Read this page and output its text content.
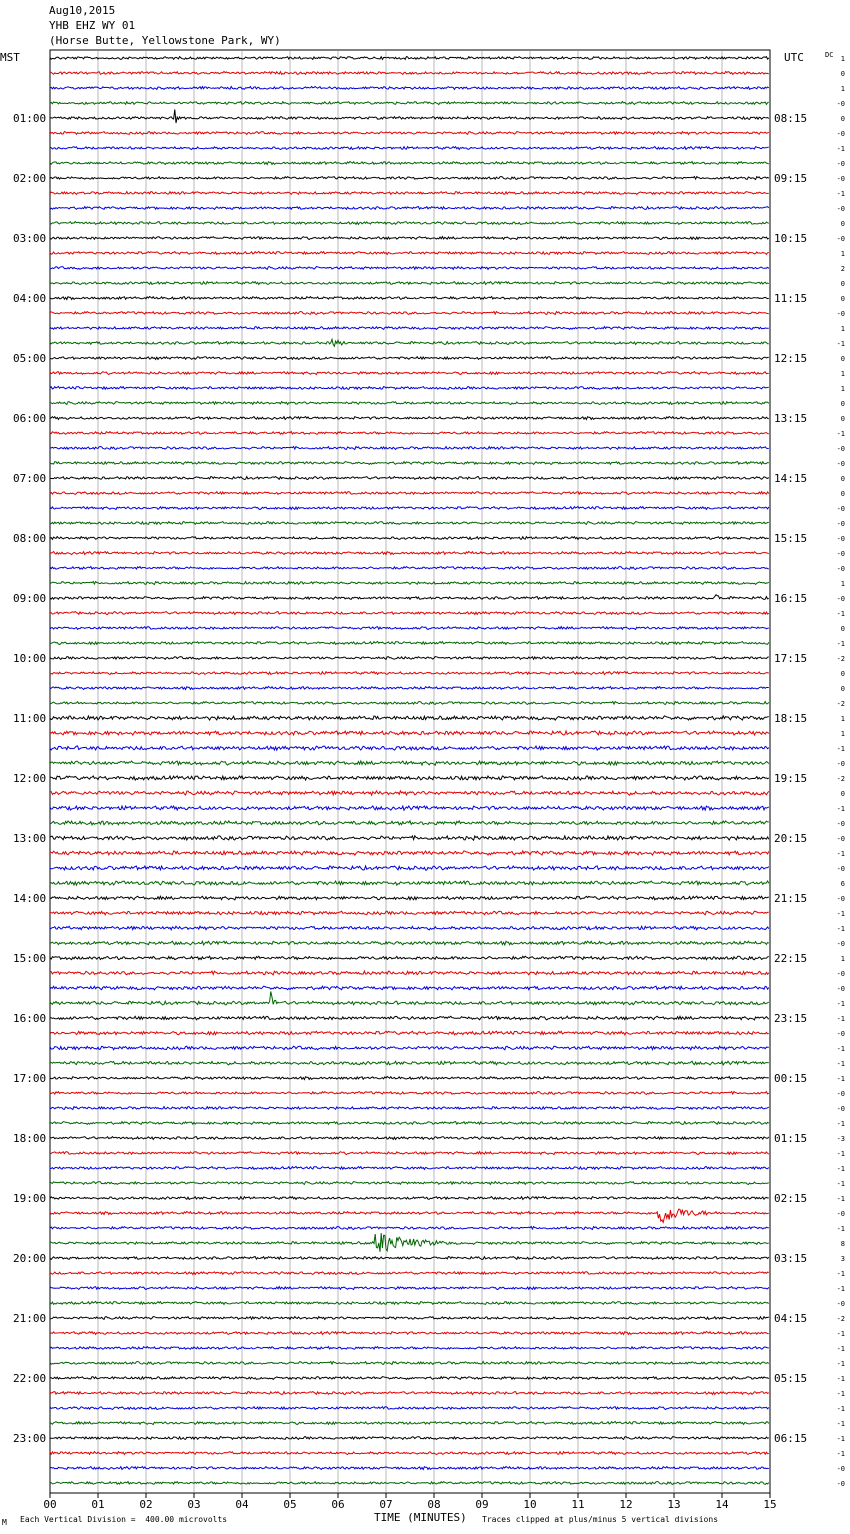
Aug10,2015
YHB EHZ WY 01
(Horse Butte, Yellowstone Park, WY)
MST	UTC	DC
01:00	08:15
02:00	09:15
03:00	10:15
04:00	11:15
05:00	12:15
06:00	13:15
07:00	14:15
08:00	15:15
09:00	16:15
10:00	17:15
11:00	18:15
12:00	19:15
13:00	20:15
14:00	21:15
15:00	22:15
16:00	23:15
17:00	00:15
18:00	01:15
19:00	02:15
20:00	03:15
21:00	04:15
22:00	05:15
23:00	06:15
1
0
1
-0
0
-0
-1
-0
-0
-1
-0
0
-0
1
2
0
0
-0
1
-1
0
1
1
0
0
-1
-0
-0
0
0
-0
-0
-0
-0
-0
1
-0
-1
0
-1
-2
0
0
-2
1
1
-1
-0
-2
0
-1
-0
-0
-1
-0
6
-0
-1
-1
-0
1
-0
-0
-1
-1
-0
-1
-1
-1
-0
-0
-1
-3
-1
-1
-1
-1
-0
-1
8
3
-1
-1
-0
-2
-1
-1
-1
-1
-1
-1
-1
-1
-1
-0
-0
00	01	02	03	04	05	06	07	08	09	10	11	12	13	14	15
M Each Vertical Division =  400.00 microvolts	TIME (MINUTES) Traces clipped at plus/minus 5 vertical divisions
